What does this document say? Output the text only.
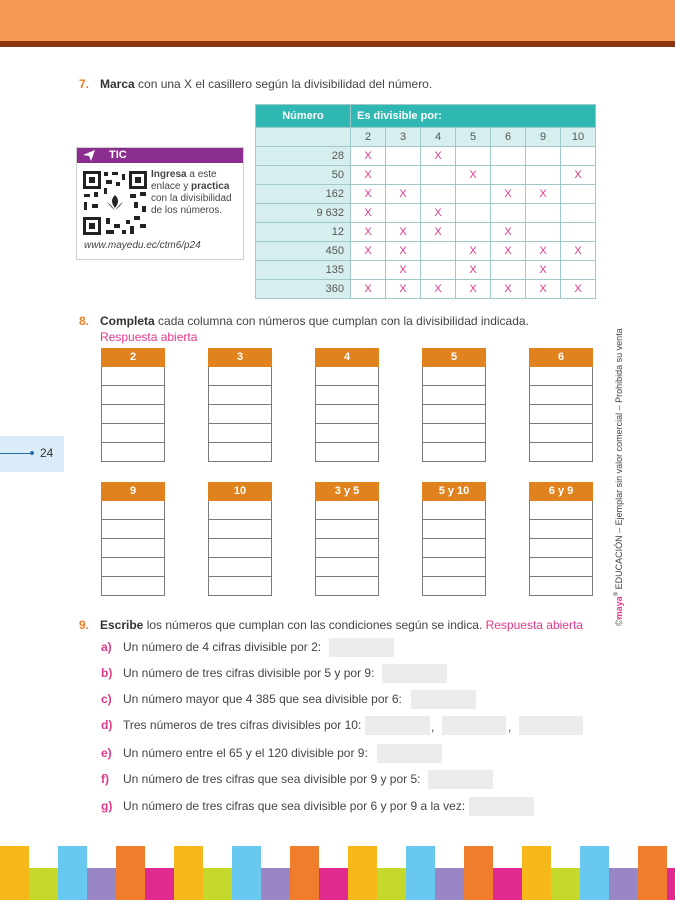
7. Marca con una X el casillero según la divisibilidad del número.
Número	Es divisible por:						
	2	3	4	5	6	9	10
28	X		X				
50	X			X			X
162	X	X			X	X	
9 632	X		X				
12	X	X	X		X		
450	X	X		X	X	X	X
135		X		X		X	
360	X	X	X	X	X	X	X
TIC
Ingresa a este enlace y practica con la divisibilidad de los números.
www.mayedu.ec/ctm6/p24
8. Completa cada columna con números que cumplan con la divisibilidad indicada.
Respuesta abierta
2	3	4	5	6
9	10	3 y 5	5 y 10	6 y 9
24
©maya® EDUCACIÓN – Ejemplar sin valor comercial – Prohibida su venta
9. Escribe los números que cumplan con las condiciones según se indica. Respuesta abierta
a) Un número de 4 cifras divisible por 2:
b) Un número de tres cifras divisible por 5 y por 9:
c) Un número mayor que 4 385 que sea divisible por 6:
d) Tres números de tres cifras divisibles por 10:	,	,
e) Un número entre el 65 y el 120 divisible por 9:
f) Un número de tres cifras que sea divisible por 9 y por 5:
g) Un número de tres cifras que sea divisible por 6 y por 9 a la vez:
